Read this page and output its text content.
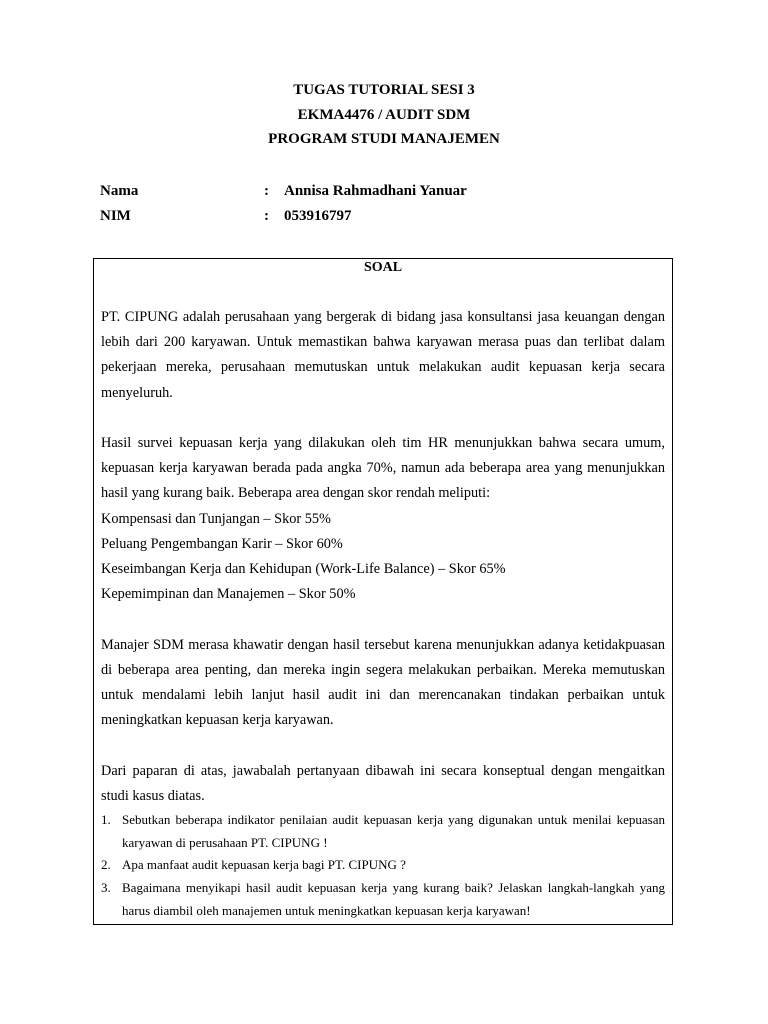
TUGAS TUTORIAL SESI 3
EKMA4476 / AUDIT SDM
PROGRAM STUDI MANAJEMEN
Nama	: Annisa Rahmadhani Yanuar
NIM	: 053916797
SOAL

PT. CIPUNG adalah perusahaan yang bergerak di bidang jasa konsultansi jasa keuangan dengan lebih dari 200 karyawan. Untuk memastikan bahwa karyawan merasa puas dan terlibat dalam pekerjaan mereka, perusahaan memutuskan untuk melakukan audit kepuasan kerja secara menyeluruh.

Hasil survei kepuasan kerja yang dilakukan oleh tim HR menunjukkan bahwa secara umum, kepuasan kerja karyawan berada pada angka 70%, namun ada beberapa area yang menunjukkan hasil yang kurang baik. Beberapa area dengan skor rendah meliputi:

Kompensasi dan Tunjangan – Skor 55%

Peluang Pengembangan Karir – Skor 60%

Keseimbangan Kerja dan Kehidupan (Work-Life Balance) – Skor 65%

Kepemimpinan dan Manajemen – Skor 50%

Manajer SDM merasa khawatir dengan hasil tersebut karena menunjukkan adanya ketidakpuasan di beberapa area penting, dan mereka ingin segera melakukan perbaikan. Mereka memutuskan untuk mendalami lebih lanjut hasil audit ini dan merencanakan tindakan perbaikan untuk meningkatkan kepuasan kerja karyawan.

Dari paparan di atas, jawabalah pertanyaan dibawah ini secara konseptual dengan mengaitkan studi kasus diatas.

1. Sebutkan beberapa indikator penilaian audit kepuasan kerja yang digunakan untuk menilai kepuasan karyawan di perusahaan PT. CIPUNG !
2. Apa manfaat audit kepuasan kerja bagi PT. CIPUNG ?
3. Bagaimana menyikapi hasil audit kepuasan kerja yang kurang baik? Jelaskan langkah-langkah yang harus diambil oleh manajemen untuk meningkatkan kepuasan kerja karyawan!
